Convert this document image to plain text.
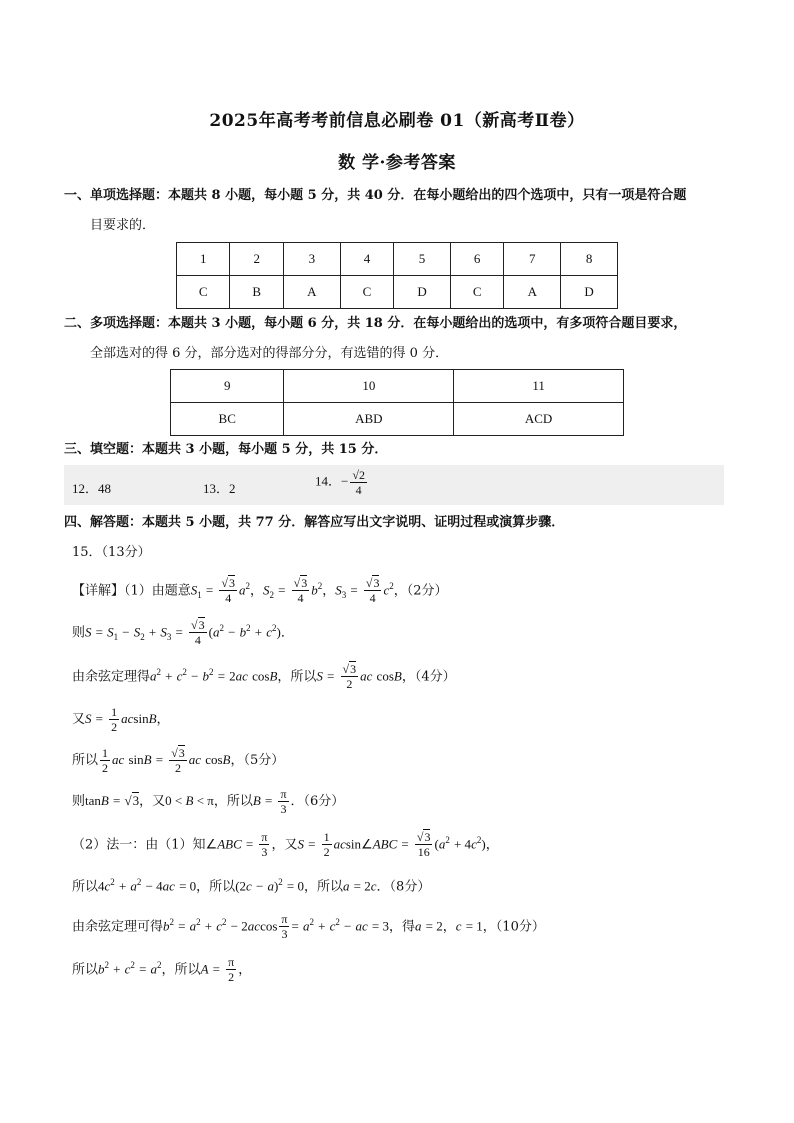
2025年高考考前信息必刷卷 01（新高考Ⅱ卷）
数 学·参考答案
一、单项选择题：本题共 8 小题，每小题 5 分，共 40 分．在每小题给出的四个选项中，只有一项是符合题
目要求的．
1	2	3	4	5	6	7	8
C	B	A	C	D	C	A	D
二、多项选择题：本题共 3 小题，每小题 6 分，共 18 分．在每小题给出的选项中，有多项符合题目要求，
全部选对的得 6 分，部分选对的得部分分，有选错的得 0 分．
9	10	11
BC	ABD	ACD
三、填空题：本题共 3 小题，每小题 5 分，共 15 分．
12．48	13．2
14．− $\frac{√2}{4}$
四、解答题：本题共 5 小题，共 77 分．解答应写出文字说明、证明过程或演算步骤．
15．（13分）
【详解】（1）由题意$S_1 = \frac{√3}{4} a^2$，$S_2 = \frac{√3}{4} b^2$，$S_3 = \frac{√3}{4} c^2$，（2分）
则$S = S_1 - S_2 + S_3 = \frac{√3}{4} (a^2 - b^2 + c^2)$．
由余弦定理得$a^2 + c^2 - b^2 = 2ac$ cosB，所以$S = \frac{√3}{2}$ ac cosB，（4分）
又$S = \frac{1}{2}$ acsinB，
所以 $\frac{1}{2}$ ac $\sin B = \frac{√3}{2}$ ac cosB，（5分）
则tanB = √3，又0 < B < π，所以$B = \frac{\pi}{3}$ ．（6分）
（2）法一：由（1）知∠ABC = $\frac{\pi}{3}$ ，又$S = \frac{1}{2}$ acsin∠ABC = $\frac{√3}{16} (a^2 + 4c^2)$，
所以$4c^2 + a^2 - 4ac = 0$，所以$(2c - a)^2 = 0$，所以a = 2c．（8分）
由余弦定理可得$b^2 = a^2 + c^2 - 2accos \frac{\pi}{3} = a^2 + c^2$ − ac = 3，得a = 2，c = 1，（10分）
所以$b^2 + c^2 = a^2$，所以$A = \frac{\pi}{2}$ ，
